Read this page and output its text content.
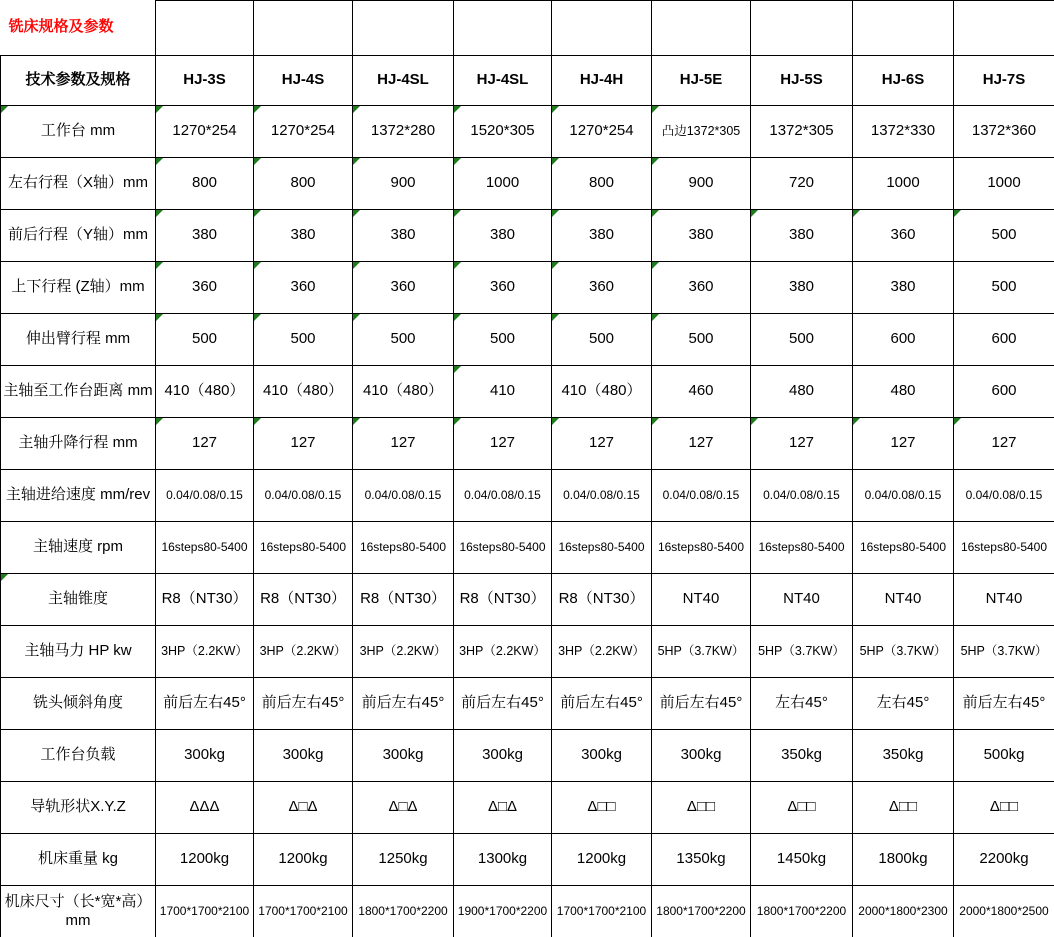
铣床规格及参数									
技术参数及规格	HJ-3S	HJ-4S	HJ-4SL	HJ-4SL	HJ-4H	HJ-5E	HJ-5S	HJ-6S	HJ-7S
工作台 mm	1270*254	1270*254	1372*280	1520*305	1270*254	凸边1372*305	1372*305	1372*330	1372*360
左右行程（X轴）mm	800	800	900	1000	800	900	720	1000	1000
前后行程（Y轴）mm	380	380	380	380	380	380	380	360	500

上下行程 (Z轴）mm	360	360	360	360	360	360	380	380	500
伸出臂行程 mm	500	500	500	500	500	500	500	600	600
主轴至工作台距离 mm	410（480）	410（480）	410（480）	410	410（480）	460	480	480	600
主轴升降行程 mm	127	127	127	127	127	127	127	127	127

主轴进给速度 mm/rev	0.04/0.08/0.15	0.04/0.08/0.15	0.04/0.08/0.15	0.04/0.08/0.15	0.04/0.08/0.15	0.04/0.08/0.15	0.04/0.08/0.15	0.04/0.08/0.15	0.04/0.08/0.15
主轴速度 rpm	16steps80-5400	16steps80-5400	16steps80-5400	16steps80-5400	16steps80-5400	16steps80-5400	16steps80-5400	16steps80-5400	16steps80-5400
主轴锥度	R8（NT30）	R8（NT30）	R8（NT30）	R8（NT30）	R8（NT30）	NT40	NT40	NT40	NT40
主轴马力 HP kw	3HP（2.2KW）	3HP（2.2KW）	3HP（2.2KW）	3HP（2.2KW）	3HP（2.2KW）	5HP（3.7KW）	5HP（3.7KW）	5HP（3.7KW）	5HP（3.7KW）
铣头倾斜角度	前后左右45°	前后左右45°	前后左右45°	前后左右45°	前后左右45°	前后左右45°	左右45°	左右45°	前后左右45°
工作台负载	300kg	300kg	300kg	300kg	300kg	300kg	350kg	350kg	500kg
导轨形状X.Y.Z	ΔΔΔ	Δ□Δ	Δ□Δ	Δ□Δ	Δ□□	Δ□□	Δ□□	Δ□□	Δ□□
机床重量 kg	1200kg	1200kg	1250kg	1300kg	1200kg	1350kg	1450kg	1800kg	2200kg
机床尺寸（长*宽*高）mm	1700*1700*2100	1700*1700*2100	1800*1700*2200	1900*1700*2200	1700*1700*2100	1800*1700*2200	1800*1700*2200	2000*1800*2300	2000*1800*2500
